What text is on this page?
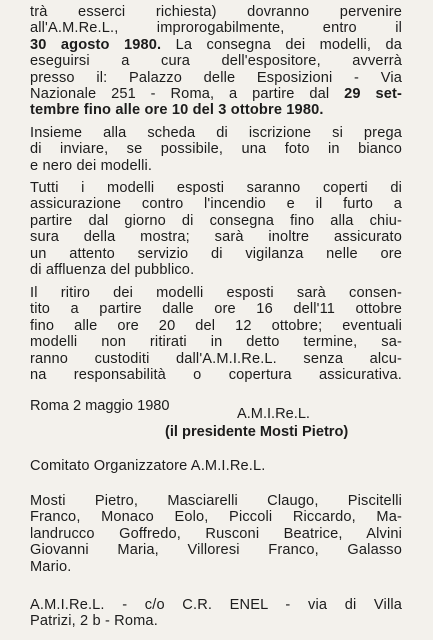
trà esserci richiesta) dovranno pervenire
all'A.M.Re.L., improrogabilmente, entro il
30 agosto 1980. La consegna dei modelli, da
eseguirsi a cura dell'espositore, avverrà
presso il: Palazzo delle Esposizioni - Via
Nazionale 251 - Roma, a partire dal 29 set-
tembre fino alle ore 10 del 3 ottobre 1980.
Insieme alla scheda di iscrizione si prega
di inviare, se possibile, una foto in bianco
e nero dei modelli.
Tutti i modelli esposti saranno coperti di
assicurazione contro l'incendio e il furto a
partire dal giorno di consegna fino alla chiu-
sura della mostra; sarà inoltre assicurato
un attento servizio di vigilanza nelle ore
di affluenza del pubblico.
Il ritiro dei modelli esposti sarà consen-
tito a partire dalle ore 16 dell'11 ottobre
fino alle ore 20 del 12 ottobre; eventuali
modelli non ritirati in detto termine, sa-
ranno custoditi dall'A.M.I.Re.L. senza alcu-
na responsabilità o copertura assicurativa.
Roma 2 maggio 1980	A.M.I.Re.L.
(il presidente Mosti Pietro)
Comitato Organizzatore A.M.I.Re.L.
Mosti Pietro, Masciarelli Claugo, Piscitelli
Franco, Monaco Eolo, Piccoli Riccardo, Ma-
landrucco Goffredo, Rusconi Beatrice, Alvini
Giovanni Maria, Villoresi Franco, Galasso
Mario.
A.M.I.Re.L. - c/o C.R. ENEL - via di Villa
Patrizi, 2 b - Roma.
